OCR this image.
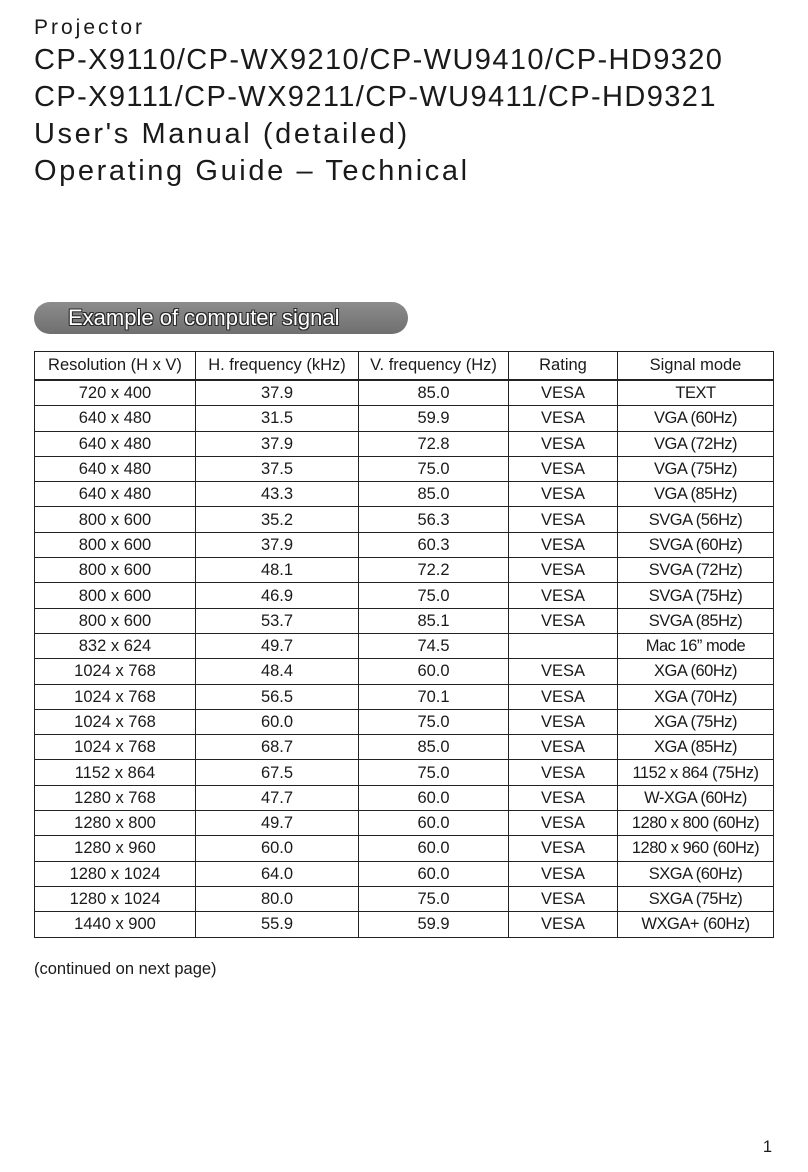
Projector

CP-X9110/CP-WX9210/CP-WU9410/CP-HD9320
CP-X9111/CP-WX9211/CP-WU9411/CP-HD9321
User's Manual (detailed)
Operating Guide – Technical
Example of computer signal
Resolution (H x V)	H. frequency (kHz)	V. frequency (Hz)	Rating	Signal mode
720 x 400	37.9	85.0	VESA	TEXT
640 x 480	31.5	59.9	VESA	VGA (60Hz)
640 x 480	37.9	72.8	VESA	VGA (72Hz)
640 x 480	37.5	75.0	VESA	VGA (75Hz)
640 x 480	43.3	85.0	VESA	VGA (85Hz)
800 x 600	35.2	56.3	VESA	SVGA (56Hz)
800 x 600	37.9	60.3	VESA	SVGA (60Hz)
800 x 600	48.1	72.2	VESA	SVGA (72Hz)
800 x 600	46.9	75.0	VESA	SVGA (75Hz)
800 x 600	53.7	85.1	VESA	SVGA (85Hz)
832 x 624	49.7	74.5		Mac 16” mode
1024 x 768	48.4	60.0	VESA	XGA (60Hz)
1024 x 768	56.5	70.1	VESA	XGA (70Hz)
1024 x 768	60.0	75.0	VESA	XGA (75Hz)
1024 x 768	68.7	85.0	VESA	XGA (85Hz)
1152 x 864	67.5	75.0	VESA	1152 x 864 (75Hz)
1280 x 768	47.7	60.0	VESA	W-XGA (60Hz)
1280 x 800	49.7	60.0	VESA	1280 x 800 (60Hz)
1280 x 960	60.0	60.0	VESA	1280 x 960 (60Hz)
1280 x 1024	64.0	60.0	VESA	SXGA (60Hz)
1280 x 1024	80.0	75.0	VESA	SXGA (75Hz)
1440 x 900	55.9	59.9	VESA	WXGA+ (60Hz)

(continued on next page)

1
